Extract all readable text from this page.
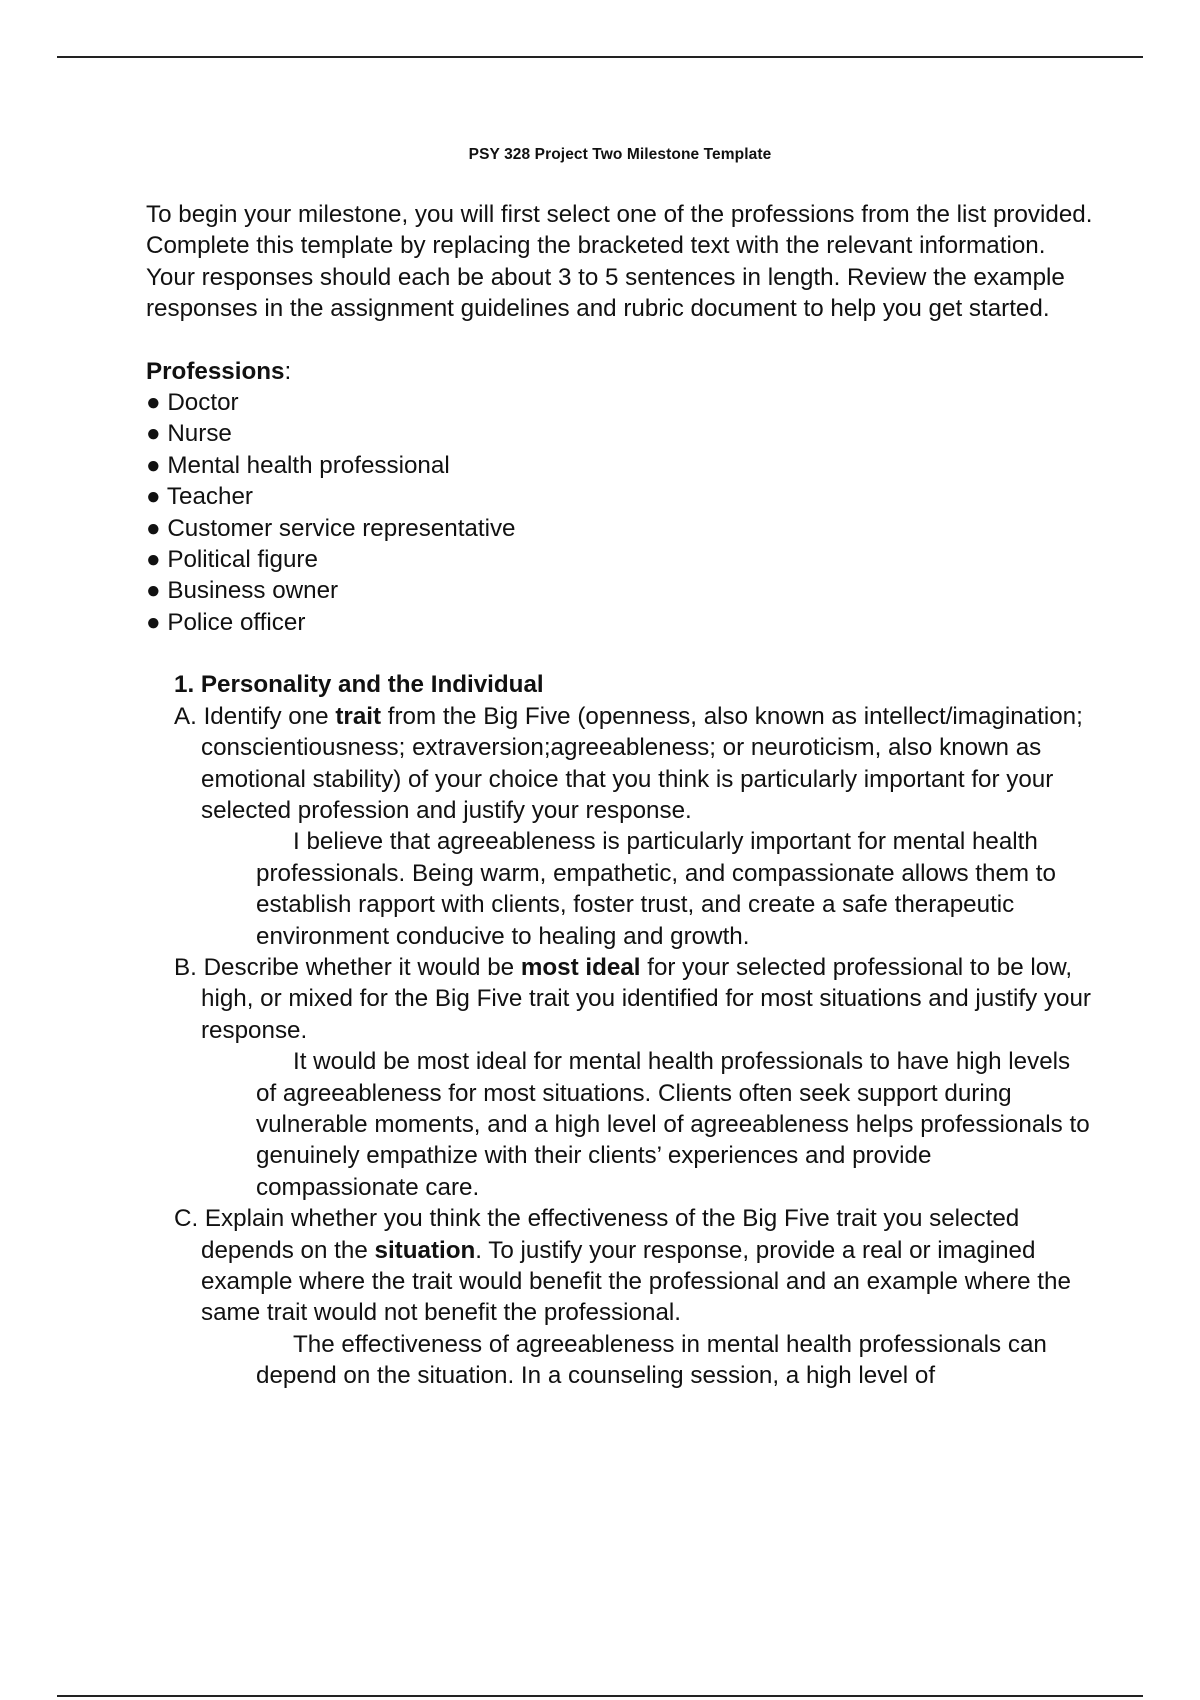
PSY 328 Project Two Milestone Template

To begin your milestone, you will first select one of the professions from the list provided. Complete this template by replacing the bracketed text with the relevant information. Your responses should each be about 3 to 5 sentences in length. Review the example responses in the assignment guidelines and rubric document to help you get started.

Professions:
● Doctor
● Nurse
● Mental health professional
● Teacher
● Customer service representative
● Political figure
● Business owner
● Police officer
1. Personality and the Individual
A. Identify one trait from the Big Five (openness, also known as intellect/imagination; conscientiousness; extraversion;agreeableness; or neuroticism, also known as emotional stability) of your choice that you think is particularly important for your selected profession and justify your response.
I believe that agreeableness is particularly important for mental health professionals. Being warm, empathetic, and compassionate allows them to establish rapport with clients, foster trust, and create a safe therapeutic environment conducive to healing and growth.
B. Describe whether it would be most ideal for your selected professional to be low, high, or mixed for the Big Five trait you identified for most situations and justify your response.
It would be most ideal for mental health professionals to have high levels of agreeableness for most situations. Clients often seek support during vulnerable moments, and a high level of agreeableness helps professionals to genuinely empathize with their clients’ experiences and provide compassionate care.
C. Explain whether you think the effectiveness of the Big Five trait you selected depends on the situation. To justify your response, provide a real or imagined example where the trait would benefit the professional and an example where the same trait would not benefit the professional.
The effectiveness of agreeableness in mental health professionals can depend on the situation. In a counseling session, a high level of
